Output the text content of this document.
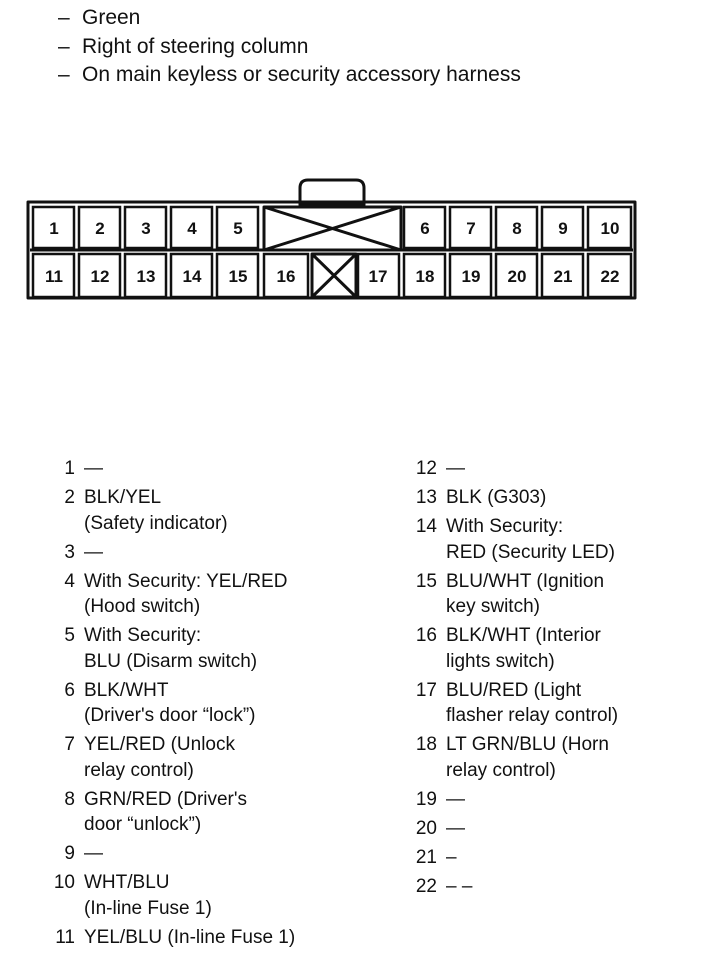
– Green
– Right of steering column
– On main keyless or security accessory harness
1 2 3 4 5	6 7 8 9 10
11 12 13 14 15 16	17 18 19 20 21 22
1 —
2 BLK/YEL
(Safety indicator)
3 —
4 With Security: YEL/RED
(Hood switch)
5 With Security:
BLU (Disarm switch)
6 BLK/WHT
(Driver's door “lock”)
7 YEL/RED (Unlock
relay control)
8 GRN/RED (Driver's
door “unlock”)
9 —
10 WHT/BLU
(In-line Fuse 1)
11 YEL/BLU (In-line Fuse 1)
12 —
13 BLK (G303)
14 With Security:
RED (Security LED)
15 BLU/WHT (Ignition
key switch)
16 BLK/WHT (Interior
lights switch)
17 BLU/RED (Light
flasher relay control)
18 LT GRN/BLU (Horn
relay control)
19 —
20 —
21 –
22 – –
